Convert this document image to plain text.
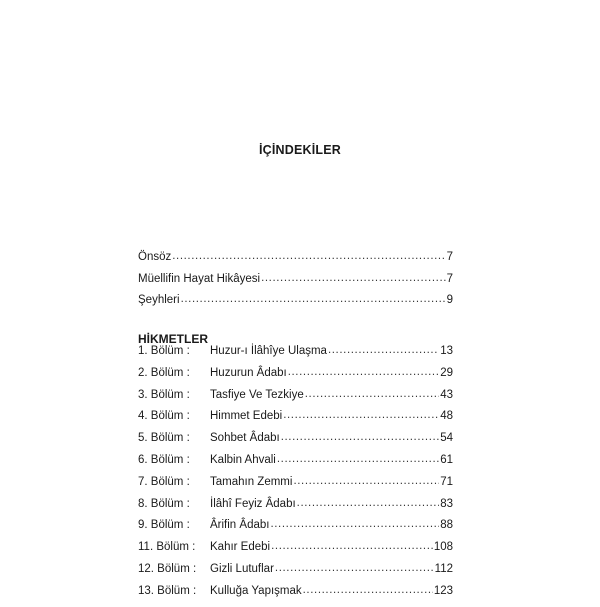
İÇİNDEKİLER
Önsöz .....	7
Müellifin Hayat Hikâyesi .....	7
Şeyhleri .....	9
HİKMETLER
1. Bölüm :	Huzur-ı İlâhîye Ulaşma .....	13
2. Bölüm :	Huzurun Âdabı .....	29
3. Bölüm :	Tasfiye Ve Tezkiye .....	43
4. Bölüm :	Himmet Edebi .....	48
5. Bölüm :	Sohbet Âdabı .....	54
6. Bölüm :	Kalbin Ahvali .....	61
7. Bölüm :	Tamahın Zemmi .....	71
8. Bölüm :	İlâhî Feyiz Âdabı .....	83
9. Bölüm :	Ârifin Âdabı .....	88
11. Bölüm :	Kahır Edebi .....	108
12. Bölüm :	Gizli Lutuflar .....	112
13. Bölüm :	Kulluğa Yapışmak .....	123
